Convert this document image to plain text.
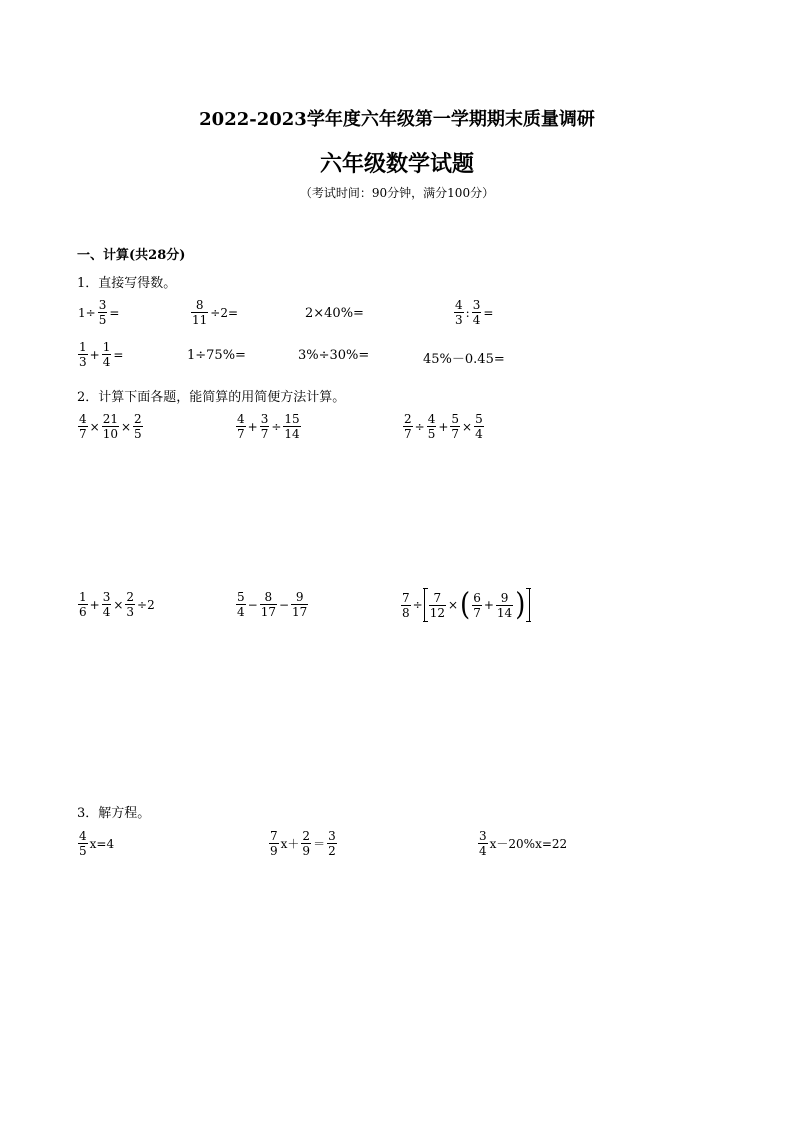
2022-2023学年度六年级第一学期期末质量调研
六年级数学试题
（考试时间：90分钟，满分100分）
一、计算(共28分)
1．直接写得数。
$1\div \frac{3}{5}$ =	$\frac{8}{11} \div 2=$	2×40%=	$\frac{4}{3}$ : $\frac{3}{4}$ =
$\frac{1}{3} + \frac{1}{4}$ =	1÷75%=	3%÷30%=	45%－0.45=
2．计算下面各题，能简算的用简便方法计算。
$\frac{4}{7} \times \frac{21}{10} \times \frac{2}{5}$	$\frac{4}{7} + \frac{3}{7} \div \frac{15}{14}$	$\frac{2}{7} \div \frac{4}{5} + \frac{5}{7} \times \frac{5}{4}$
$\frac{1}{6} + \frac{3}{4} \times \frac{2}{3} \div 2$	$\frac{5}{4} - \frac{8}{17} - \frac{9}{17}$	$\frac{7}{8} \div \frac{7}{12}$ × ( $\frac{6}{7} + \frac{9}{14}$ )
3．解方程。
$\frac{4}{5} x=4$	$\frac{7}{9} x+ \frac{2}{9} = \frac{3}{2}$	$\frac{3}{4} x-20\%x=22$
